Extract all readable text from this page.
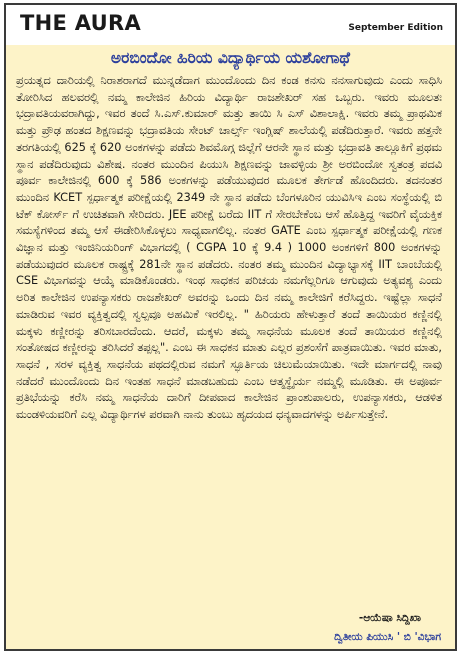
THE AURA	September Edition
ಅರಬಿಂದೋ ಹಿರಿಯ ವಿದ್ಯಾರ್ಥಿಯ ಯಶೋಗಾಥೆ
ಪ್ರಯತ್ನದ ದಾರಿಯಲ್ಲಿ ನಿರಾಶರಾಗದೆ ಮುನ್ನಡೆದಾಗ ಮುಂದೊಂದು ದಿನ ಕಂಡ ಕನಸು ನನಸಾಗುವುದು ಎಂದು ಸಾಧಿಸಿ ತೋರಿಸಿದ ಹಲವರಲ್ಲಿ ನಮ್ಮ ಕಾಲೇಜಿನ ಹಿರಿಯ ವಿದ್ಯಾರ್ಥಿ ರಾಜಶೇಖರ್ ಸಹ ಒಬ್ಬರು. ಇವರು ಮೂಲತಃ ಭದ್ರಾವತಿಯವರಾಗಿದ್ದು, ಇವರ ತಂದೆ ಸಿ.ಎಸ್.ಕುಮಾರ್ ಮತ್ತು ತಾಯಿ ಸಿ ಎಸ್ ವಿಶಾಲಾಕ್ಷಿ. ಇವರು ತಮ್ಮ ಪ್ರಾಥಮಿಕ ಮತ್ತು ಪ್ರೌಢ ಹಂತದ ಶಿಕ್ಷಣವನ್ನು ಭದ್ರಾವತಿಯ ಸೇಂಟ್ ಚಾರ್ಲ್ಸ್ ಇಂಗ್ಲಿಷ್ ಶಾಲೆಯಲ್ಲಿ ಪಡೆದಿರುತ್ತಾರೆ. ಇವರು ಹತ್ತನೇ ತರಗತಿಯಲ್ಲಿ 625 ಕ್ಕೆ 620 ಅಂಕಗಳನ್ನು ಪಡೆದು ಶಿವಮೊಗ್ಗ ಜಿಲ್ಲೆಗೆ ಆರನೇ ಸ್ಥಾನ ಮತ್ತು ಭದ್ರಾವತಿ ತಾಲ್ಲೂಕಿಗೆ ಪ್ರಥಮ ಸ್ಥಾನ ಪಡೆದಿರುವುದು ವಿಶೇಷ. ನಂತರ ಮುಂದಿನ ಪಿಯುಸಿ ಶಿಕ್ಷಣವನ್ನು ಜಾವಳ್ಳಿಯ ಶ್ರೀ ಅರಬಿಂದೋ ಸ್ವತಂತ್ರ ಪದವಿ ಪೂರ್ವ ಕಾಲೇಜಿನಲ್ಲಿ 600 ಕ್ಕೆ 586 ಅಂಕಗಳನ್ನು ಪಡೆಯುವುದರ ಮೂಲಕ ತೇರ್ಗಡೆ ಹೊಂದಿದರು. ತದನಂತರ ಮುಂದಿನ KCET ಸ್ಪರ್ಧಾತ್ಮಕ ಪರೀಕ್ಷೆಯಲ್ಲಿ 2349 ನೇ ಸ್ಥಾನ ಪಡೆದು ಬೆಂಗಳೂರಿನ ಯುವಿಸಿಇ ಎಂಬ ಸಂಸ್ಥೆಯಲ್ಲಿ ಬಿ ಟೆಕ್ ಕೋರ್ಸ್ ಗೆ ಉಚಿತವಾಗಿ ಸೇರಿದರು. JEE ಪರೀಕ್ಷೆ ಬರೆದು IIT ಗೆ ಸೇರಬೇಕೆಂಬ ಆಸೆ ಹೊತ್ತಿದ್ದ ಇವರಿಗೆ ವೈಯಕ್ತಿಕ ಸಮಸ್ಯೆಗಳಿಂದ ತಮ್ಮ ಆಸೆ ಈಡೇರಿಸಿಕೊಳ್ಳಲು ಸಾಧ್ಯವಾಗಲಿಲ್ಲ. ನಂತರ GATE ಎಂಬ ಸ್ಪರ್ಧಾತ್ಮಕ ಪರೀಕ್ಷೆಯಲ್ಲಿ ಗಣಕ ವಿಜ್ಞಾನ ಮತ್ತು ಇಂಜಿನಿಯರಿಂಗ್ ವಿಭಾಗದಲ್ಲಿ ( CGPA 10 ಕ್ಕೆ 9.4 ) 1000 ಅಂಕಗಳಿಗೆ 800 ಅಂಕಗಳನ್ನು ಪಡೆಯುವುದರ ಮೂಲಕ ರಾಷ್ಟ್ರಕ್ಕೆ 281ನೇ ಸ್ಥಾನ ಪಡೆದರು. ನಂತರ ತಮ್ಮ ಮುಂದಿನ ವಿದ್ಯಾಭ್ಯಾಸಕ್ಕೆ IIT ಬಾಂಬೆಯಲ್ಲಿ CSE ವಿಭಾಗವನ್ನು ಆಯ್ಕೆ ಮಾಡಿಕೊಂಡರು. ಇಂಥ ಸಾಧಕನ ಪರಿಚಯ ನಮಗೆಲ್ಲರಿಗೂ ಆಗುವುದು ಅತ್ಯವಶ್ಯ ಎಂದು ಅರಿತ ಕಾಲೇಜಿನ ಉಪನ್ಯಾಸಕರು ರಾಜಶೇಖರ್ ಅವರನ್ನು ಒಂದು ದಿನ ನಮ್ಮ ಕಾಲೇಜಿಗೆ ಕರೆಸಿದ್ದರು. ಇಷ್ಟೆಲ್ಲಾ ಸಾಧನೆ ಮಾಡಿರುವ ಇವರ ವ್ಯಕ್ತಿತ್ವದಲ್ಲಿ ಸ್ವಲ್ಪವೂ ಅಹಮಿಕೆ ಇರಲಿಲ್ಲ. " ಹಿರಿಯರು ಹೇಳುತ್ತಾರೆ ತಂದೆ ತಾಯಿಯರ ಕಣ್ಣಿನಲ್ಲಿ ಮಕ್ಕಳು ಕಣ್ಣೀರನ್ನು ತರಿಸಬಾರದೆಂದು. ಆದರೆ, ಮಕ್ಕಳು ತಮ್ಮ ಸಾಧನೆಯ ಮೂಲಕ ತಂದೆ ತಾಯಿಯರ ಕಣ್ಣಿನಲ್ಲಿ ಸಂತೋಷದ ಕಣ್ಣೀರನ್ನು ತರಿಸಿದರೆ ತಪ್ಪಲ್ಲ". ಎಂಬ ಈ ಸಾಧಕನ ಮಾತು ಎಲ್ಲರ ಪ್ರಶಂಸೆಗೆ ಪಾತ್ರವಾಯಿತು. ಇವರ ಮಾತು, ಸಾಧನೆ , ಸರಳ ವ್ಯಕ್ತಿತ್ವ ಸಾಧನೆಯ ಪಥದಲ್ಲಿರುವ ನಮಗೆ ಸ್ಫೂರ್ತಿಯ ಚಿಲುಮೆಯಾಯಿತು. ಇದೇ ಮಾರ್ಗದಲ್ಲಿ ನಾವು ನಡೆದರೆ ಮುಂದೊಂದು ದಿನ ಇಂತಹ ಸಾಧನೆ ಮಾಡಬಹುದು ಎಂಬ ಆತ್ಮಸ್ಥೈರ್ಯ ನಮ್ಮಲ್ಲಿ ಮೂಡಿತು. ಈ ಅಪೂರ್ವ ಪ್ರತಿಭೆಯನ್ನು ಕರೆಸಿ ನಮ್ಮ ಸಾಧನೆಯ ದಾರಿಗೆ ದೀಪವಾದ ಕಾಲೇಜಿನ ಪ್ರಾಂಶುಪಾಲರು, ಉಪನ್ಯಾಸಕರು, ಆಡಳಿತ ಮಂಡಳಿಯವರಿಗೆ ಎಲ್ಲ ವಿದ್ಯಾರ್ಥಿಗಳ ಪರವಾಗಿ ನಾನು ತುಂಬು ಹೃದಯದ ಧನ್ಯವಾದಗಳನ್ನು ಅರ್ಪಿಸುತ್ತೇನೆ.
-ಆಯೆಷಾ ಸಿದ್ದಿಖಾ
ದ್ವಿತೀಯ ಪಿಯುಸಿ ' ಬಿ 'ವಿಭಾಗ
